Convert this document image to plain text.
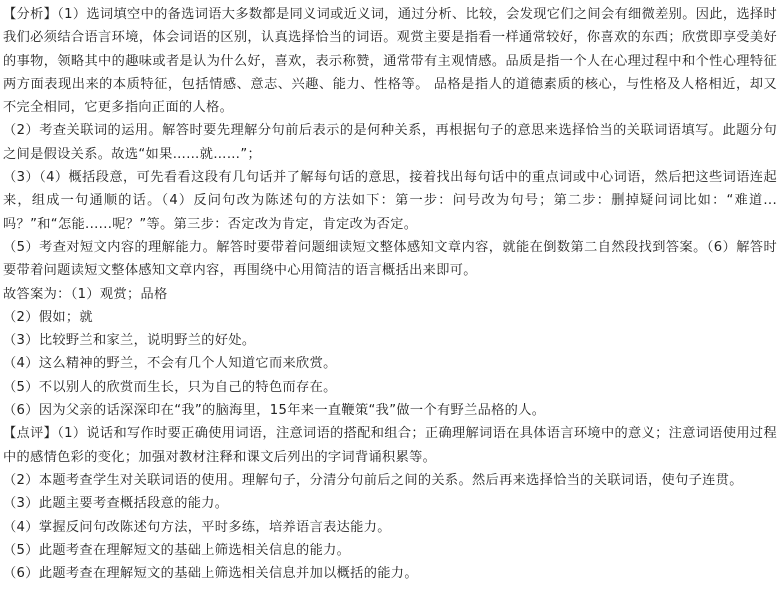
【分析】（1）选词填空中的备选词语大多数都是同义词或近义词，通过分析、比较，会发现它们之间会有细微差别。因此，选择时我们必须结合语言环境，体会词语的区别，认真选择恰当的词语。观赏主要是指看一样通常较好，你喜欢的东西；欣赏即享受美好的事物，领略其中的趣味或者是认为什么好，喜欢，表示称赞，通常带有主观情感。品质是指一个人在心理过程中和个性心理特征两方面表现出来的本质特征，包括情感、意志、兴趣、能力、性格等。 品格是指人的道德素质的核心，与性格及人格相近，却又不完全相同，它更多指向正面的人格。

（2）考查关联词的运用。解答时要先理解分句前后表示的是何种关系，再根据句子的意思来选择恰当的关联词语填写。此题分句之间是假设关系。故选“如果……就……”；

（3）（4）概括段意，可先看看这段有几句话并了解每句话的意思，接着找出每句话中的重点词或中心词语，然后把这些词语连起来，组成一句通顺的话。（4）反问句改为陈述句的方法如下：第一步：问号改为句号；第二步：删掉疑问词比如：“难道...吗？”和“怎能......呢？”等。第三步：否定改为肯定，肯定改为否定。

（5）考查对短文内容的理解能力。解答时要带着问题细读短文整体感知文章内容，就能在倒数第二自然段找到答案。（6）解答时要带着问题读短文整体感知文章内容，再围绕中心用简洁的语言概括出来即可。

故答案为：（1）观赏；品格

（2）假如；就

（3）比较野兰和家兰，说明野兰的好处。

（4）这么精神的野兰，不会有几个人知道它而来欣赏。

（5）不以别人的欣赏而生长，只为自己的特色而存在。

（6）因为父亲的话深深印在“我”的脑海里，15年来一直鞭策“我”做一个有野兰品格的人。

【点评】（1）说话和写作时要正确使用词语，注意词语的搭配和组合；正确理解词语在具体语言环境中的意义；注意词语使用过程中的感情色彩的变化；加强对教材注释和课文后列出的字词背诵积累等。

（2）本题考查学生对关联词语的使用。理解句子，分清分句前后之间的关系。然后再来选择恰当的关联词语，使句子连贯。

（3）此题主要考查概括段意的能力。

（4）掌握反问句改陈述句方法，平时多练，培养语言表达能力。

（5）此题考查在理解短文的基础上筛选相关信息的能力。

（6）此题考查在理解短文的基础上筛选相关信息并加以概括的能力。
